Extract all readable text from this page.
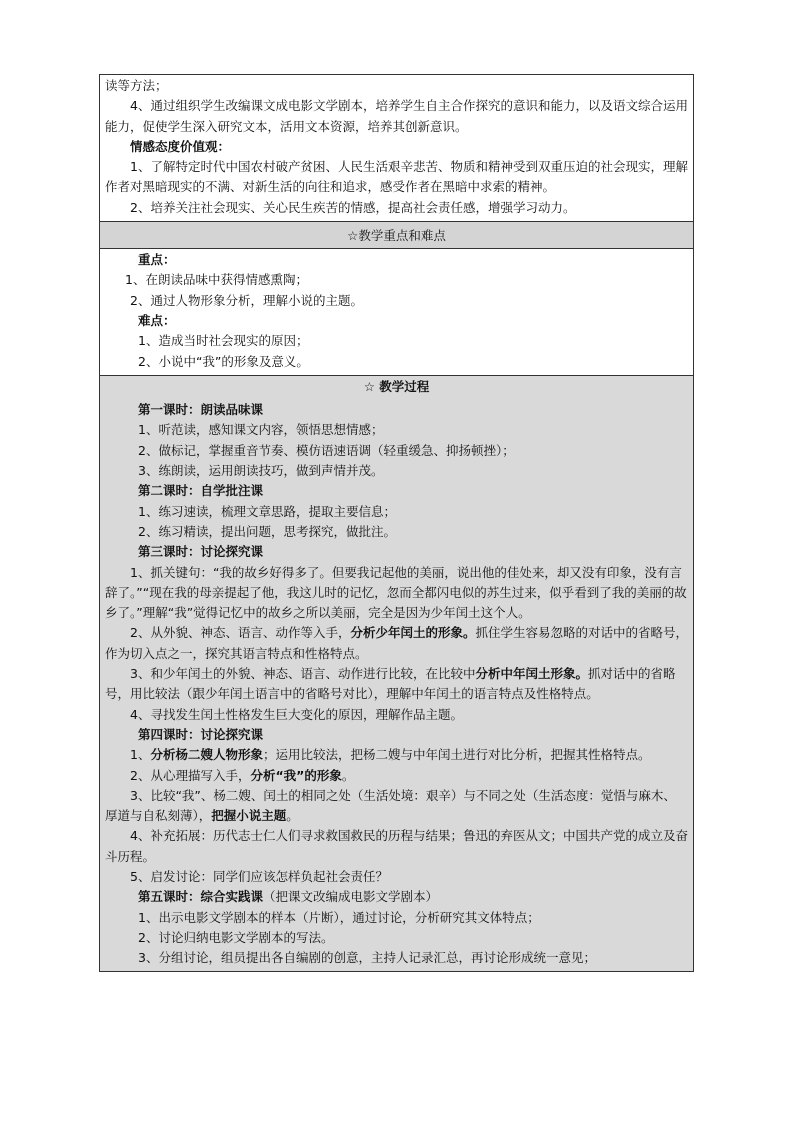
读等方法；

4、通过组织学生改编课文成电影文学剧本，培养学生自主合作探究的意识和能力，以及语文综合运用能力，促使学生深入研究文本，活用文本资源，培养其创新意识。

情感态度价值观：

1、了解特定时代中国农村破产贫困、人民生活艰辛悲苦、物质和精神受到双重压迫的社会现实，理解作者对黑暗现实的不满、对新生活的向往和追求，感受作者在黑暗中求索的精神。

2、培养关注社会现实、关心民生疾苦的情感，提高社会责任感，增强学习动力。

☆教学重点和难点

重点：

1、在朗读品味中获得情感熏陶；

2、通过人物形象分析，理解小说的主题。

难点：

1、造成当时社会现实的原因；

2、小说中“我”的形象及意义。

☆ 教学过程

第一课时：朗读品味课

1、听范读，感知课文内容，领悟思想情感；

2、做标记，掌握重音节奏、模仿语速语调（轻重缓急、抑扬顿挫）；

3、练朗读，运用朗读技巧，做到声情并茂。

第二课时：自学批注课

1、练习速读，梳理文章思路，提取主要信息；

2、练习精读，提出问题，思考探究，做批注。

第三课时：讨论探究课

1、抓关键句：“我的故乡好得多了。但要我记起他的美丽，说出他的佳处来，却又没有印象，没有言辞了。”“现在我的母亲提起了他，我这儿时的记忆，忽而全都闪电似的苏生过来，似乎看到了我的美丽的故乡了。”理解“我”觉得记忆中的故乡之所以美丽，完全是因为少年闰土这个人。

2、从外貌、神态、语言、动作等入手，分析少年闰土的形象。抓住学生容易忽略的对话中的省略号，作为切入点之一，探究其语言特点和性格特点。

3、和少年闰土的外貌、神态、语言、动作进行比较，在比较中分析中年闰土形象。抓对话中的省略号，用比较法（跟少年闰土语言中的省略号对比），理解中年闰土的语言特点及性格特点。

4、寻找发生闰土性格发生巨大变化的原因，理解作品主题。

第四课时：讨论探究课

1、分析杨二嫂人物形象；运用比较法，把杨二嫂与中年闰土进行对比分析，把握其性格特点。

2、从心理描写入手，分析“我”的形象。

3、比较“我”、杨二嫂、闰土的相同之处（生活处境：艰辛）与不同之处（生活态度：觉悟与麻木、厚道与自私刻薄），把握小说主题。

4、补充拓展：历代志士仁人们寻求救国救民的历程与结果；鲁迅的弃医从文；中国共产党的成立及奋斗历程。

5、启发讨论：同学们应该怎样负起社会责任？

第五课时：综合实践课（把课文改编成电影文学剧本）

1、出示电影文学剧本的样本（片断），通过讨论，分析研究其文体特点；

2、讨论归纳电影文学剧本的写法。

3、分组讨论，组员提出各自编剧的创意，主持人记录汇总，再讨论形成统一意见；
